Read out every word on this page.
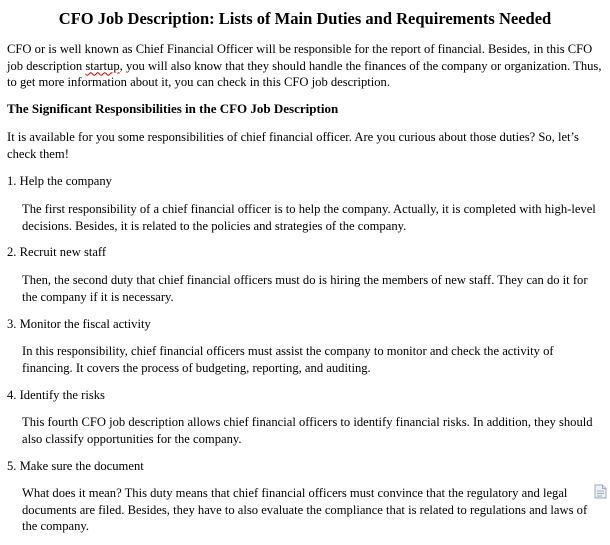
CFO Job Description: Lists of Main Duties and Requirements Needed
CFO or is well known as Chief Financial Officer will be responsible for the report of financial. Besides, in this CFO job description startup, you will also know that they should handle the finances of the company or organization. Thus, to get more information about it, you can check in this CFO job description.
The Significant Responsibilities in the CFO Job Description
It is available for you some responsibilities of chief financial officer. Are you curious about those duties? So, let’s check them!
1. Help the company
The first responsibility of a chief financial officer is to help the company. Actually, it is completed with high-level decisions. Besides, it is related to the policies and strategies of the company.
2. Recruit new staff
Then, the second duty that chief financial officers must do is hiring the members of new staff. They can do it for the company if it is necessary.
3. Monitor the fiscal activity
In this responsibility, chief financial officers must assist the company to monitor and check the activity of financing. It covers the process of budgeting, reporting, and auditing.
4. Identify the risks
This fourth CFO job description allows chief financial officers to identify financial risks. In addition, they should also classify opportunities for the company.
5. Make sure the document
What does it mean? This duty means that chief financial officers must convince that the regulatory and legal documents are filed. Besides, they have to also evaluate the compliance that is related to regulations and laws of the company.
